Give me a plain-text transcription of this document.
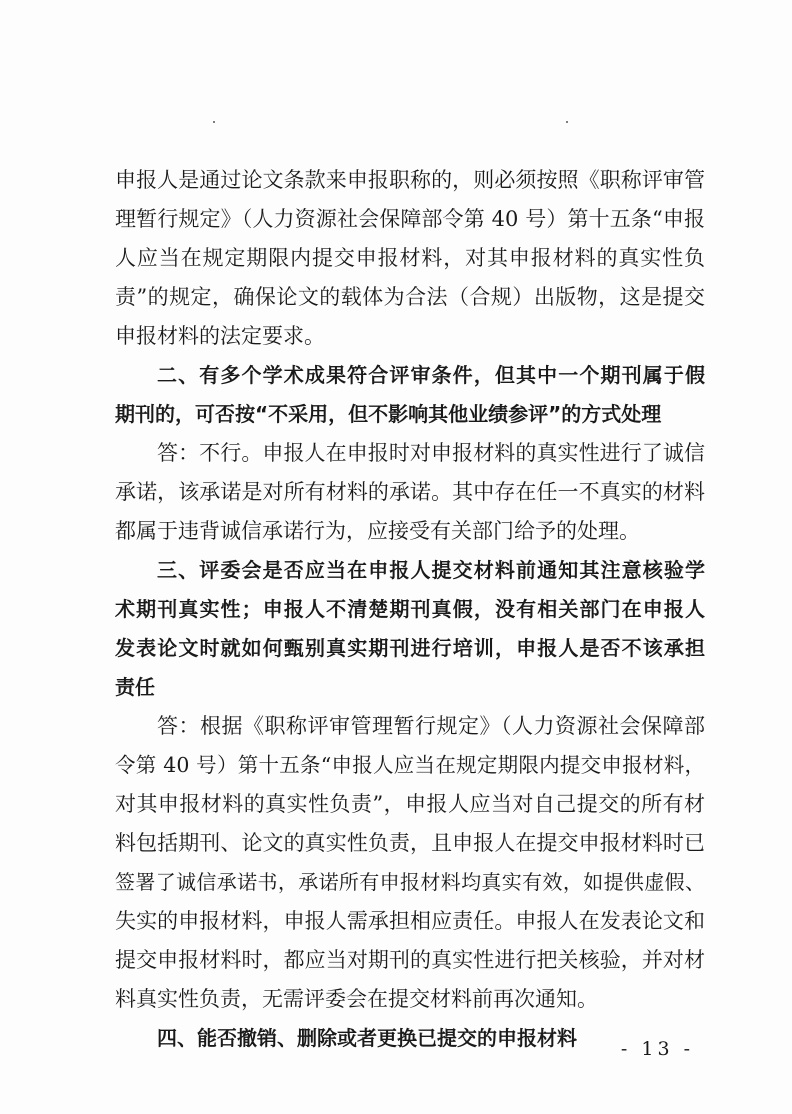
申报人是通过论文条款来申报职称的，则必须按照《职称评审管
理暂行规定》（人力资源社会保障部令第 40 号）第十五条“申报
人应当在规定期限内提交申报材料，对其申报材料的真实性负
责”的规定，确保论文的载体为合法（合规）出版物，这是提交
申报材料的法定要求。
二、有多个学术成果符合评审条件，但其中一个期刊属于假
期刊的，可否按“不采用，但不影响其他业绩参评”的方式处理
答：不行。申报人在申报时对申报材料的真实性进行了诚信
承诺，该承诺是对所有材料的承诺。其中存在任一不真实的材料
都属于违背诚信承诺行为，应接受有关部门给予的处理。
三、评委会是否应当在申报人提交材料前通知其注意核验学
术期刊真实性；申报人不清楚期刊真假，没有相关部门在申报人
发表论文时就如何甄别真实期刊进行培训，申报人是否不该承担
责任
答：根据《职称评审管理暂行规定》（人力资源社会保障部
令第 40 号）第十五条“申报人应当在规定期限内提交申报材料，
对其申报材料的真实性负责”，申报人应当对自己提交的所有材
料包括期刊、论文的真实性负责，且申报人在提交申报材料时已
签署了诚信承诺书，承诺所有申报材料均真实有效，如提供虚假、
失实的申报材料，申报人需承担相应责任。申报人在发表论文和
提交申报材料时，都应当对期刊的真实性进行把关核验，并对材
料真实性负责，无需评委会在提交材料前再次通知。
四、能否撤销、删除或者更换已提交的申报材料	- 13 -
